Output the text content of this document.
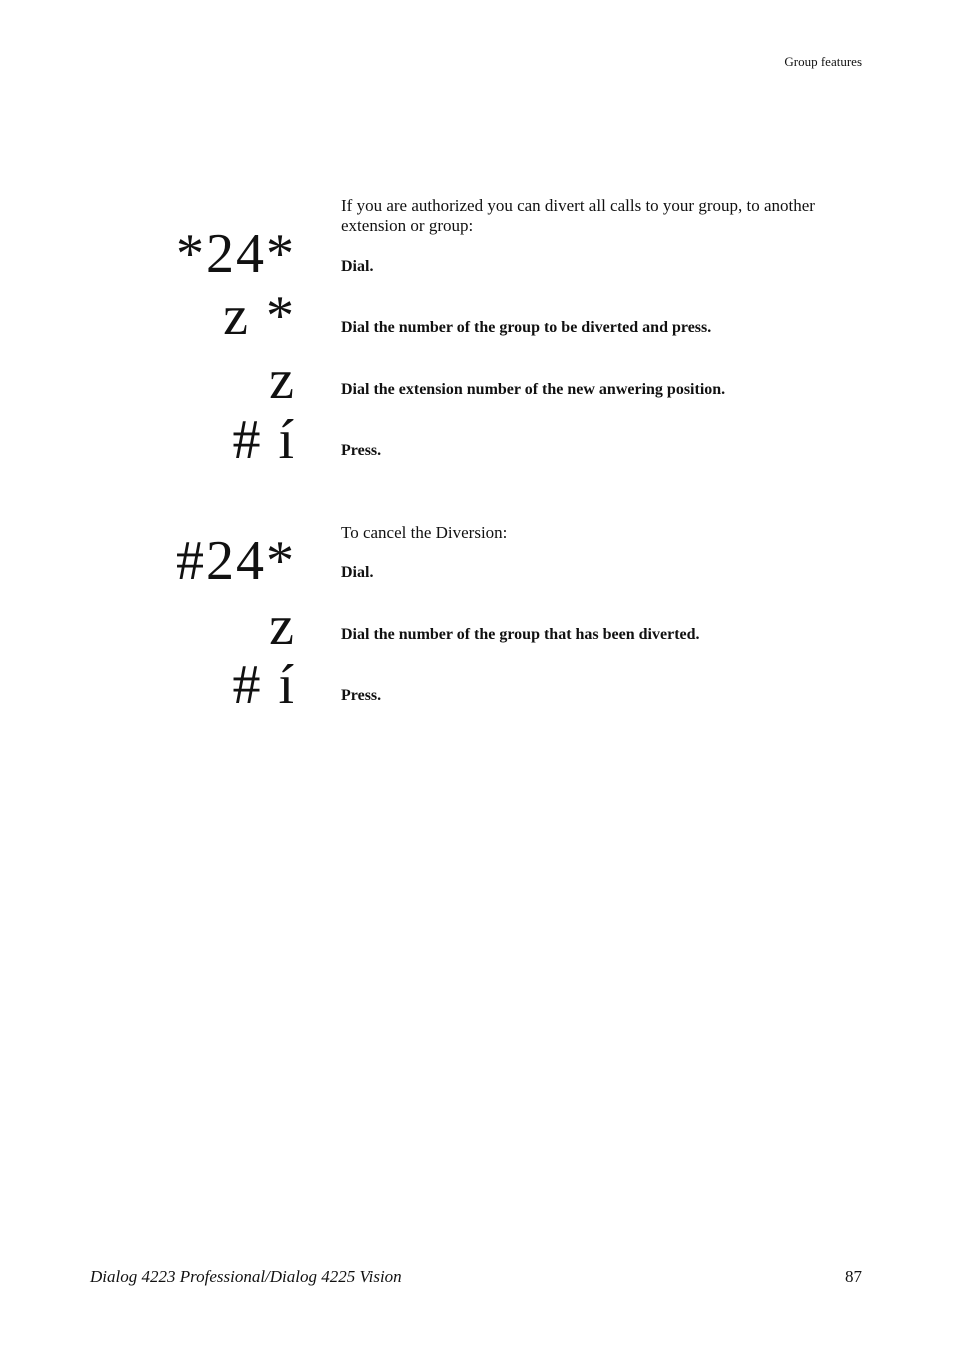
Group features
If you are authorized you can divert all calls to your group, to another extension or group:
*24*	Dial.
z *	Dial the number of the group to be diverted and press.
z	Dial the extension number of the new anwering position.
# í	Press.
To cancel the Diversion:
#24*	Dial.
z	Dial the number of the group that has been diverted.
# í	Press.
Dialog 4223 Professional/Dialog 4225 Vision	87
